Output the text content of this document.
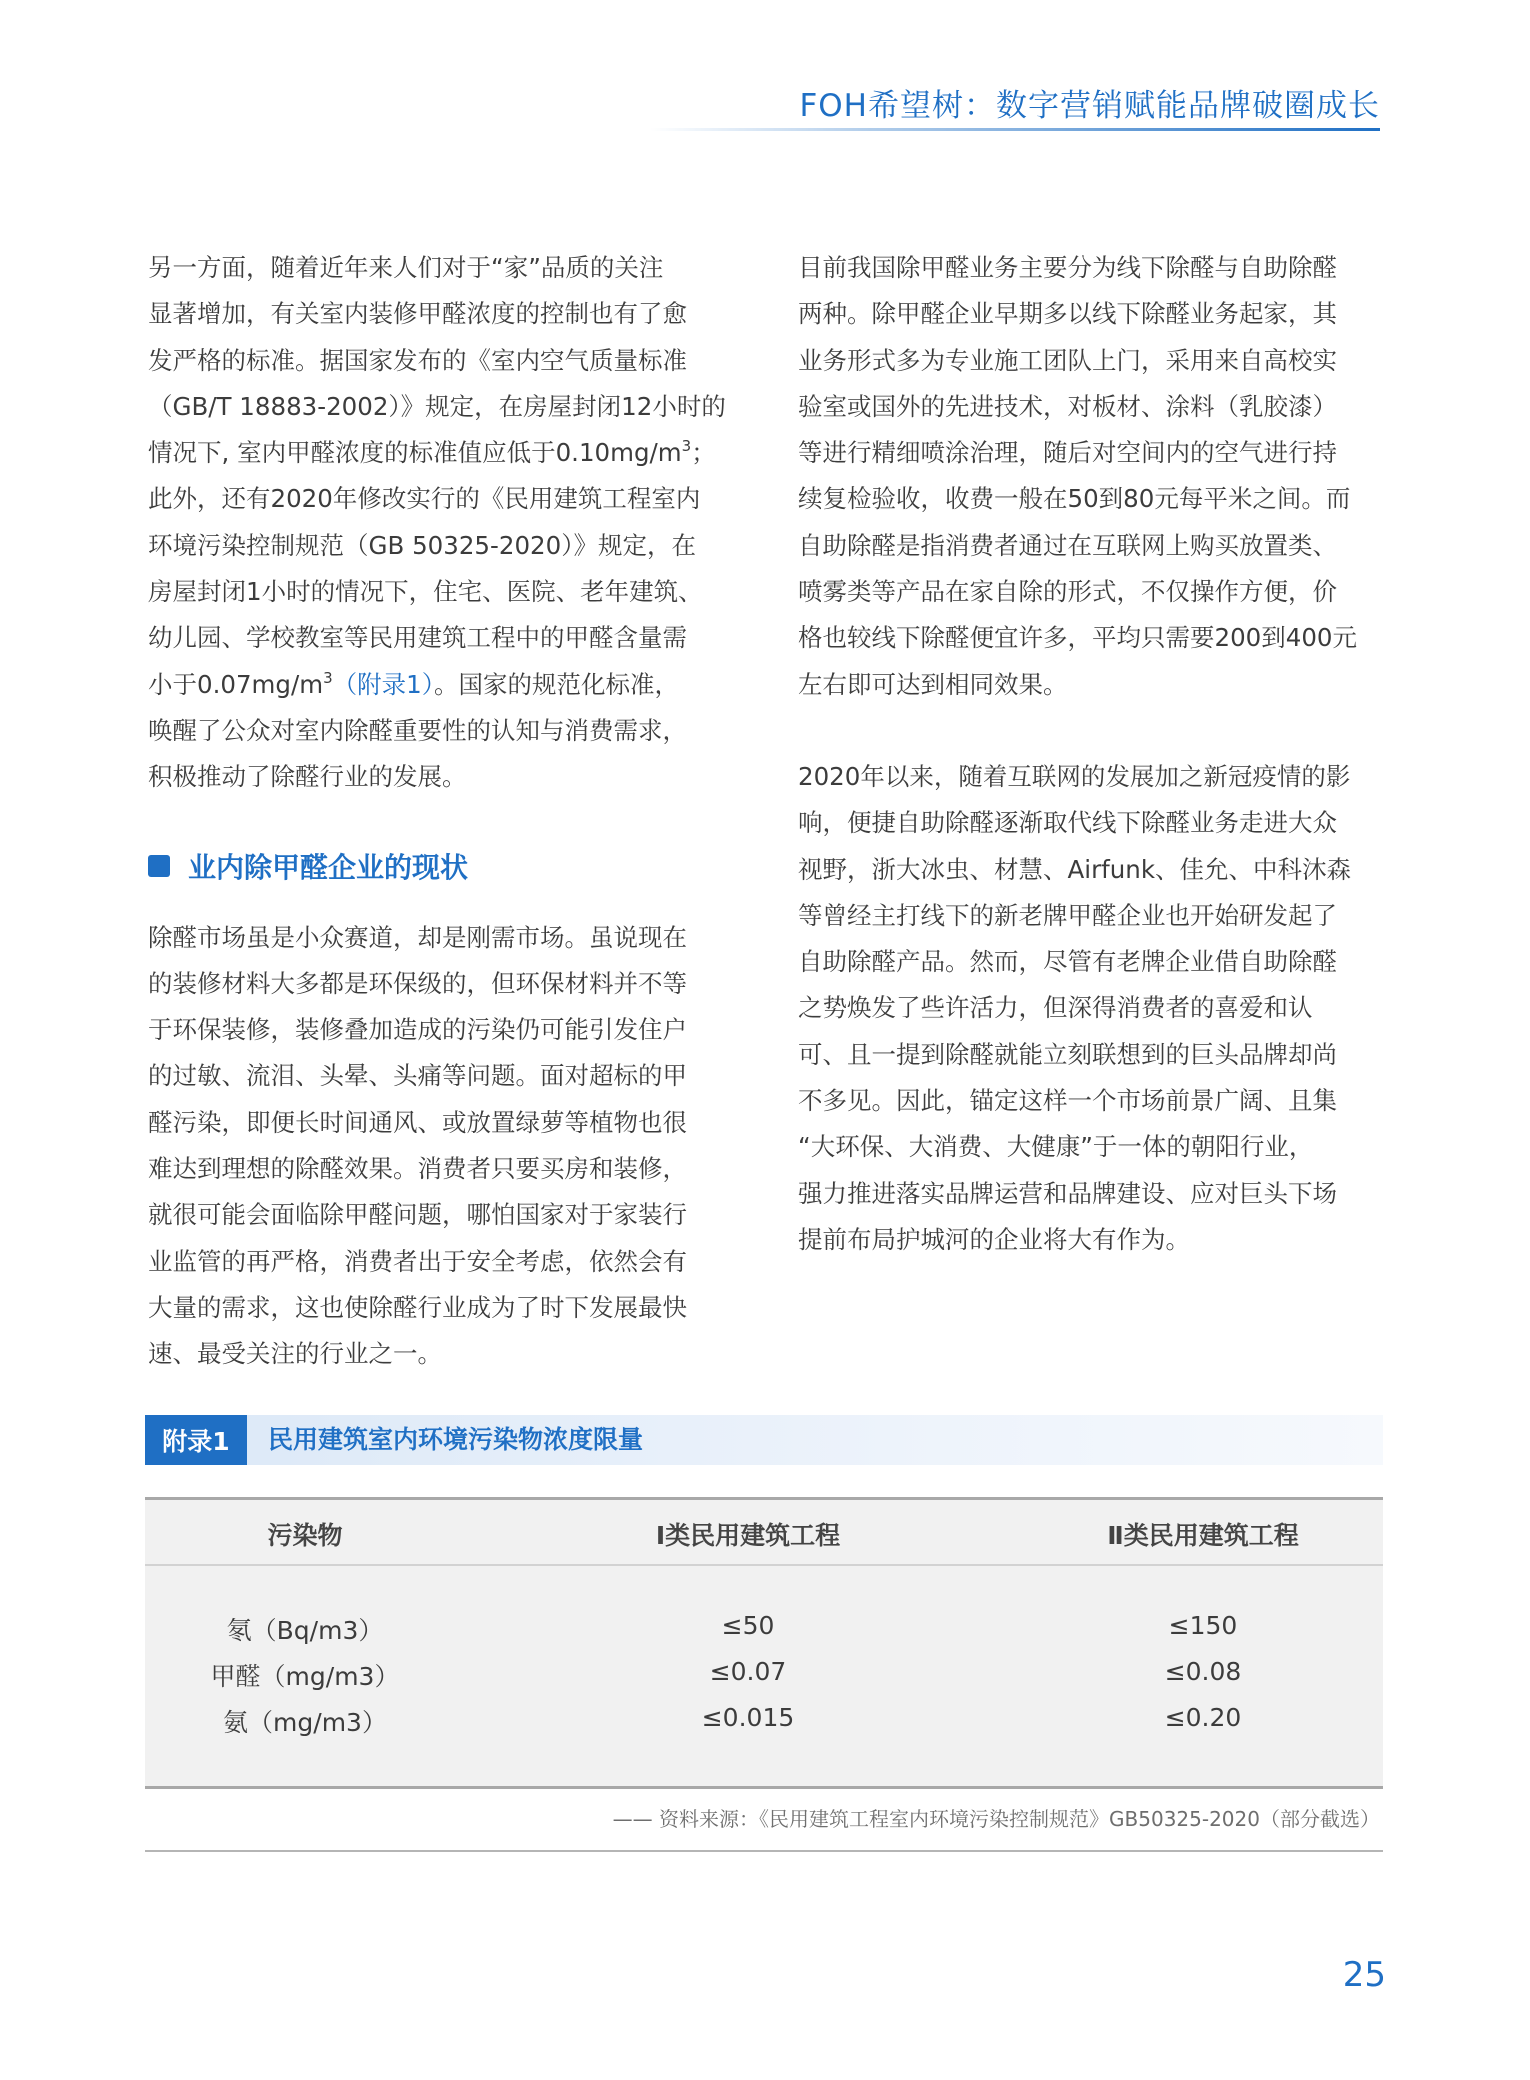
FOH希望树：数字营销赋能品牌破圈成长

另一方面，随着近年来人们对于“家”品质的关注
显著增加，有关室内装修甲醛浓度的控制也有了愈
发严格的标准。据国家发布的《室内空气质量标准
（GB/T 18883-2002）》规定，在房屋封闭12小时的
情况下, 室内甲醛浓度的标准值应低于$0.10mg/m^3$；
此外，还有2020年修改实行的《民用建筑工程室内
环境污染控制规范（GB 50325-2020）》规定，在
房屋封闭1小时的情况下，住宅、医院、老年建筑、
幼儿园、学校教室等民用建筑工程中的甲醛含量需
小于$0.07mg/m^3$（附录1）。国家的规范化标准，
唤醒了公众对室内除醛重要性的认知与消费需求，
积极推动了除醛行业的发展。

业内除甲醛企业的现状

除醛市场虽是小众赛道，却是刚需市场。虽说现在
的装修材料大多都是环保级的，但环保材料并不等
于环保装修，装修叠加造成的污染仍可能引发住户
的过敏、流泪、头晕、头痛等问题。面对超标的甲
醛污染，即便长时间通风、或放置绿萝等植物也很
难达到理想的除醛效果。消费者只要买房和装修，
就很可能会面临除甲醛问题，哪怕国家对于家装行
业监管的再严格，消费者出于安全考虑，依然会有
大量的需求，这也使除醛行业成为了时下发展最快
速、最受关注的行业之一。

目前我国除甲醛业务主要分为线下除醛与自助除醛
两种。除甲醛企业早期多以线下除醛业务起家，其
业务形式多为专业施工团队上门，采用来自高校实
验室或国外的先进技术，对板材、涂料（乳胶漆）
等进行精细喷涂治理，随后对空间内的空气进行持
续复检验收，收费一般在50到80元每平米之间。而
自助除醛是指消费者通过在互联网上购买放置类、
喷雾类等产品在家自除的形式，不仅操作方便，价
格也较线下除醛便宜许多，平均只需要200到400元
左右即可达到相同效果。

2020年以来，随着互联网的发展加之新冠疫情的影
响，便捷自助除醛逐渐取代线下除醛业务走进大众
视野，浙大冰虫、材慧、Airfunk、佳允、中科沐森
等曾经主打线下的新老牌甲醛企业也开始研发起了
自助除醛产品。然而，尽管有老牌企业借自助除醛
之势焕发了些许活力，但深得消费者的喜爱和认
可、且一提到除醛就能立刻联想到的巨头品牌却尚
不多见。因此，锚定这样一个市场前景广阔、且集
“大环保、大消费、大健康”于一体的朝阳行业，
强力推进落实品牌运营和品牌建设、应对巨头下场
提前布局护城河的企业将大有作为。

附录1	民用建筑室内环境污染物浓度限量
污染物	Ⅰ类民用建筑工程	Ⅱ类民用建筑工程
氡（Bq/m3）	≤50	≤150
甲醛（mg/m3）	≤0.07	≤0.08
氨（mg/m3）	≤0.015	≤0.20
—— 资料来源：《民用建筑工程室内环境污染控制规范》GB50325-2020（部分截选）
25
